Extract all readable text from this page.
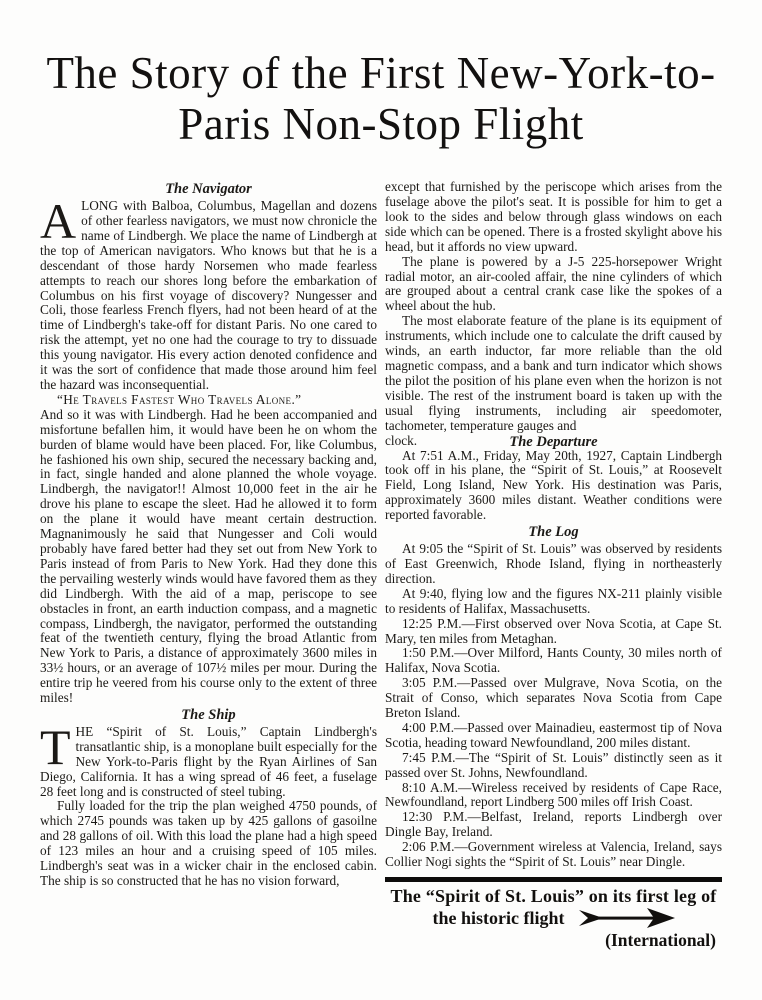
The Story of the First New-York-to-
Paris Non-Stop Flight
The Navigator

ALONG with Balboa, Columbus, Magellan and dozens of other fearless navigators, we must now chronicle the name of Lindbergh. We place the name of Lindbergh at the top of American navigators. Who knows but that he is a descendant of those hardy Norsemen who made fearless attempts to reach our shores long before the embarkation of Columbus on his first voyage of discovery? Nungesser and Coli, those fearless French flyers, had not been heard of at the time of Lindbergh's take-off for distant Paris. No one cared to risk the attempt, yet no one had the courage to try to dissuade this young navigator. His every action denoted confidence and it was the sort of confidence that made those around him feel the hazard was inconsequential.

“He Travels Fastest Who Travels Alone.”

And so it was with Lindbergh. Had he been accompanied and misfortune befallen him, it would have been he on whom the burden of blame would have been placed. For, like Columbus, he fashioned his own ship, secured the necessary backing and, in fact, single handed and alone planned the whole voyage. Lindbergh, the navigator!! Almost 10,000 feet in the air he drove his plane to escape the sleet. Had he allowed it to form on the plane it would have meant certain destruction. Magnanimously he said that Nungesser and Coli would probably have fared better had they set out from New York to Paris instead of from Paris to New York. Had they done this the pervailing westerly winds would have favored them as they did Lindbergh. With the aid of a map, periscope to see obstacles in front, an earth induction compass, and a magnetic compass, Lindbergh, the navigator, performed the outstanding feat of the twentieth century, flying the broad Atlantic from New York to Paris, a distance of approximately 3600 miles in 33½ hours, or an average of 107½ miles per mour. During the entire trip he veered from his course only to the extent of three miles!

The Ship

THE “Spirit of St. Louis,” Captain Lindbergh's transatlantic ship, is a monoplane built especially for the New York-to-Paris flight by the Ryan Airlines of San Diego, California. It has a wing spread of 46 feet, a fuselage 28 feet long and is constructed of steel tubing.

Fully loaded for the trip the plan weighed 4750 pounds, of which 2745 pounds was taken up by 425 gallons of gasoilne and 28 gallons of oil. With this load the plane had a high speed of 123 miles an hour and a cruising speed of 105 miles. Lindbergh's seat was in a wicker chair in the enclosed cabin. The ship is so constructed that he has no vision forward,

except that furnished by the periscope which arises from the fuselage above the pilot's seat. It is possible for him to get a look to the sides and below through glass windows on each side which can be opened. There is a frosted skylight above his head, but it affords no view upward.

The plane is powered by a J-5 225-horsepower Wright radial motor, an air-cooled affair, the nine cylinders of which are grouped about a central crank case like the spokes of a wheel about the hub.

The most elaborate feature of the plane is its equipment of instruments, which include one to calculate the drift caused by winds, an earth inductor, far more reliable than the old magnetic compass, and a bank and turn indicator which shows the pilot the position of his plane even when the horizon is not visible. The rest of the instrument board is taken up with the usual flying instruments, including air speedomoter, tachometer, temperature gauges and

clock.	The Departure

At 7:51 A.M., Friday, May 20th, 1927, Captain Lindbergh took off in his plane, the “Spirit of St. Louis,” at Roosevelt Field, Long Island, New York. His destination was Paris, approximately 3600 miles distant. Weather conditions were reported favorable.

The Log

At 9:05 the “Spirit of St. Louis” was observed by residents of East Greenwich, Rhode Island, flying in northeasterly direction.

At 9:40, flying low and the figures NX-211 plainly visible to residents of Halifax, Massachusetts.

12:25 P.M.—First observed over Nova Scotia, at Cape St. Mary, ten miles from Metaghan.

1:50 P.M.—Over Milford, Hants County, 30 miles north of Halifax, Nova Scotia.

3:05 P.M.—Passed over Mulgrave, Nova Scotia, on the Strait of Conso, which separates Nova Scotia from Cape Breton Island.

4:00 P.M.—Passed over Mainadieu, eastermost tip of Nova Scotia, heading toward Newfoundland, 200 miles distant.

7:45 P.M.—The “Spirit of St. Louis” distinctly seen as it passed over St. Johns, Newfoundland.

8:10 A.M.—Wireless received by residents of Cape Race, Newfoundland, report Lindberg 500 miles off Irish Coast.

12:30 P.M.—Belfast, Ireland, reports Lindbergh over Dingle Bay, Ireland.

2:06 P.M.—Government wireless at Valencia, Ireland, says Collier Nogi sights the “Spirit of St. Louis” near Dingle.

The “Spirit of St. Louis” on its first leg of
the historic flight
(International)
